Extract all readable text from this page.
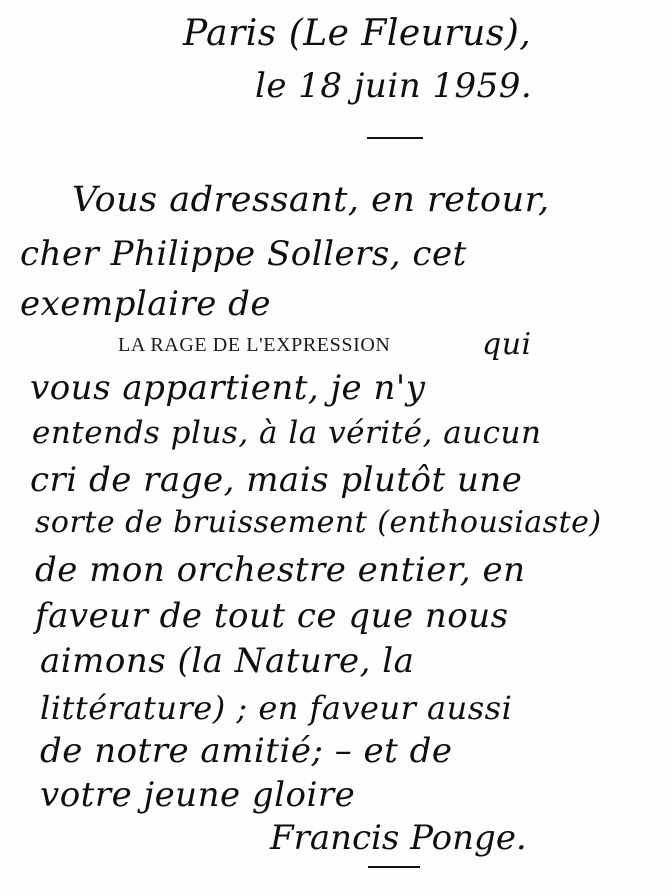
Paris (Le Fleurus),
le 18 juin 1959.
Vous adressant, en retour,
cher Philippe Sollers, cet
exemplaire de
LA RAGE DE L'EXPRESSION	qui
vous appartient, je n'y
entends plus, à la vérité, aucun
cri de rage, mais plutôt une
sorte de bruissement (enthousiaste)
de mon orchestre entier, en
faveur de tout ce que nous
aimons (la Nature, la
littérature) ; en faveur aussi
de notre amitié; – et de
votre jeune gloire
Francis Ponge.
